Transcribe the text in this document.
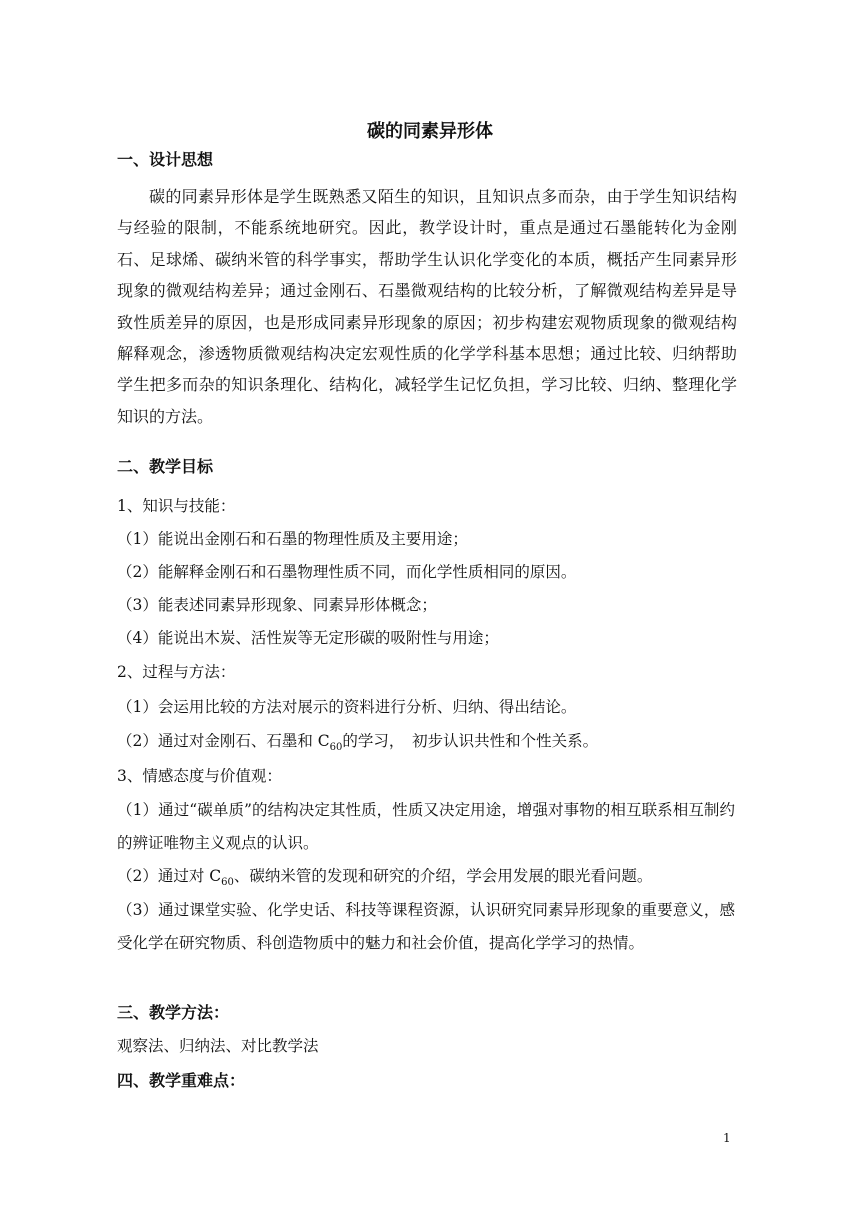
碳的同素异形体
一、设计思想

碳的同素异形体是学生既熟悉又陌生的知识，且知识点多而杂，由于学生知识结构与经验的限制，不能系统地研究。因此，教学设计时，重点是通过石墨能转化为金刚石、足球烯、碳纳米管的科学事实，帮助学生认识化学变化的本质，概括产生同素异形现象的微观结构差异；通过金刚石、石墨微观结构的比较分析，了解微观结构差异是导致性质差异的原因，也是形成同素异形现象的原因；初步构建宏观物质现象的微观结构解释观念，渗透物质微观结构决定宏观性质的化学学科基本思想；通过比较、归纳帮助学生把多而杂的知识条理化、结构化，减轻学生记忆负担，学习比较、归纳、整理化学知识的方法。

二、教学目标
1、知识与技能：
（1）能说出金刚石和石墨的物理性质及主要用途；
（2）能解释金刚石和石墨物理性质不同，而化学性质相同的原因。
（3）能表述同素异形现象、同素异形体概念；
（4）能说出木炭、活性炭等无定形碳的吸附性与用途；
2、过程与方法：
（1）会运用比较的方法对展示的资料进行分析、归纳、得出结论。
（2）通过对金刚石、石墨和 $C_{60}$的学习，　初步认识共性和个性关系。
3、情感态度与价值观：

（1）通过“碳单质”的结构决定其性质，性质又决定用途，增强对事物的相互联系相互制约的辨证唯物主义观点的认识。

（2）通过对 $C_{60}$、碳纳米管的发现和研究的介绍，学会用发展的眼光看问题。

（3）通过课堂实验、化学史话、科技等课程资源，认识研究同素异形现象的重要意义，感受化学在研究物质、科创造物质中的魅力和社会价值，提高化学学习的热情。

三、教学方法：
观察法、归纳法、对比教学法
四、教学重难点：
1
